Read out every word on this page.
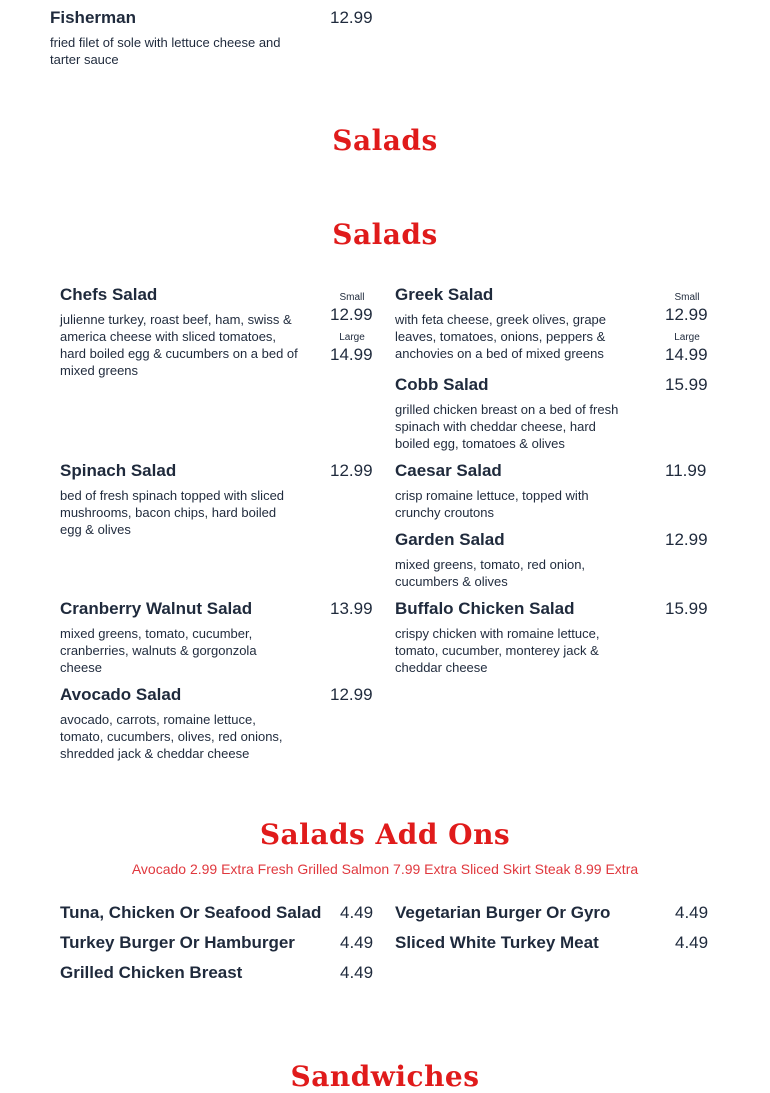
Fisherman	12.99
fried filet of sole with lettuce cheese and
tarter sauce
Salads
Salads
Chefs Salad
julienne turkey, roast beef, ham, swiss &
america cheese with sliced tomatoes,
hard boiled egg & cucumbers on a bed of
mixed greens
Small
12.99
Large
14.99
Greek Salad
with feta cheese, greek olives, grape
leaves, tomatoes, onions, peppers &
anchovies on a bed of mixed greens
Small
12.99
Large
14.99
Cobb Salad	15.99
grilled chicken breast on a bed of fresh
spinach with cheddar cheese, hard
boiled egg, tomatoes & olives
Spinach Salad	12.99
bed of fresh spinach topped with sliced
mushrooms, bacon chips, hard boiled
egg & olives
Caesar Salad	11.99
crisp romaine lettuce, topped with
crunchy croutons
Garden Salad	12.99
mixed greens, tomato, red onion,
cucumbers & olives
Cranberry Walnut Salad	13.99
mixed greens, tomato, cucumber,
cranberries, walnuts & gorgonzola
cheese
Buffalo Chicken Salad	15.99
crispy chicken with romaine lettuce,
tomato, cucumber, monterey jack &
cheddar cheese
Avocado Salad	12.99
avocado, carrots, romaine lettuce,
tomato, cucumbers, olives, red onions,
shredded jack & cheddar cheese
Salads Add Ons
Avocado 2.99 Extra Fresh Grilled Salmon 7.99 Extra Sliced Skirt Steak 8.99 Extra
Tuna, Chicken Or Seafood Salad 4.49 Vegetarian Burger Or Gyro	4.49
Turkey Burger Or Hamburger	4.49 Sliced White Turkey Meat	4.49
Grilled Chicken Breast	4.49
Sandwiches
